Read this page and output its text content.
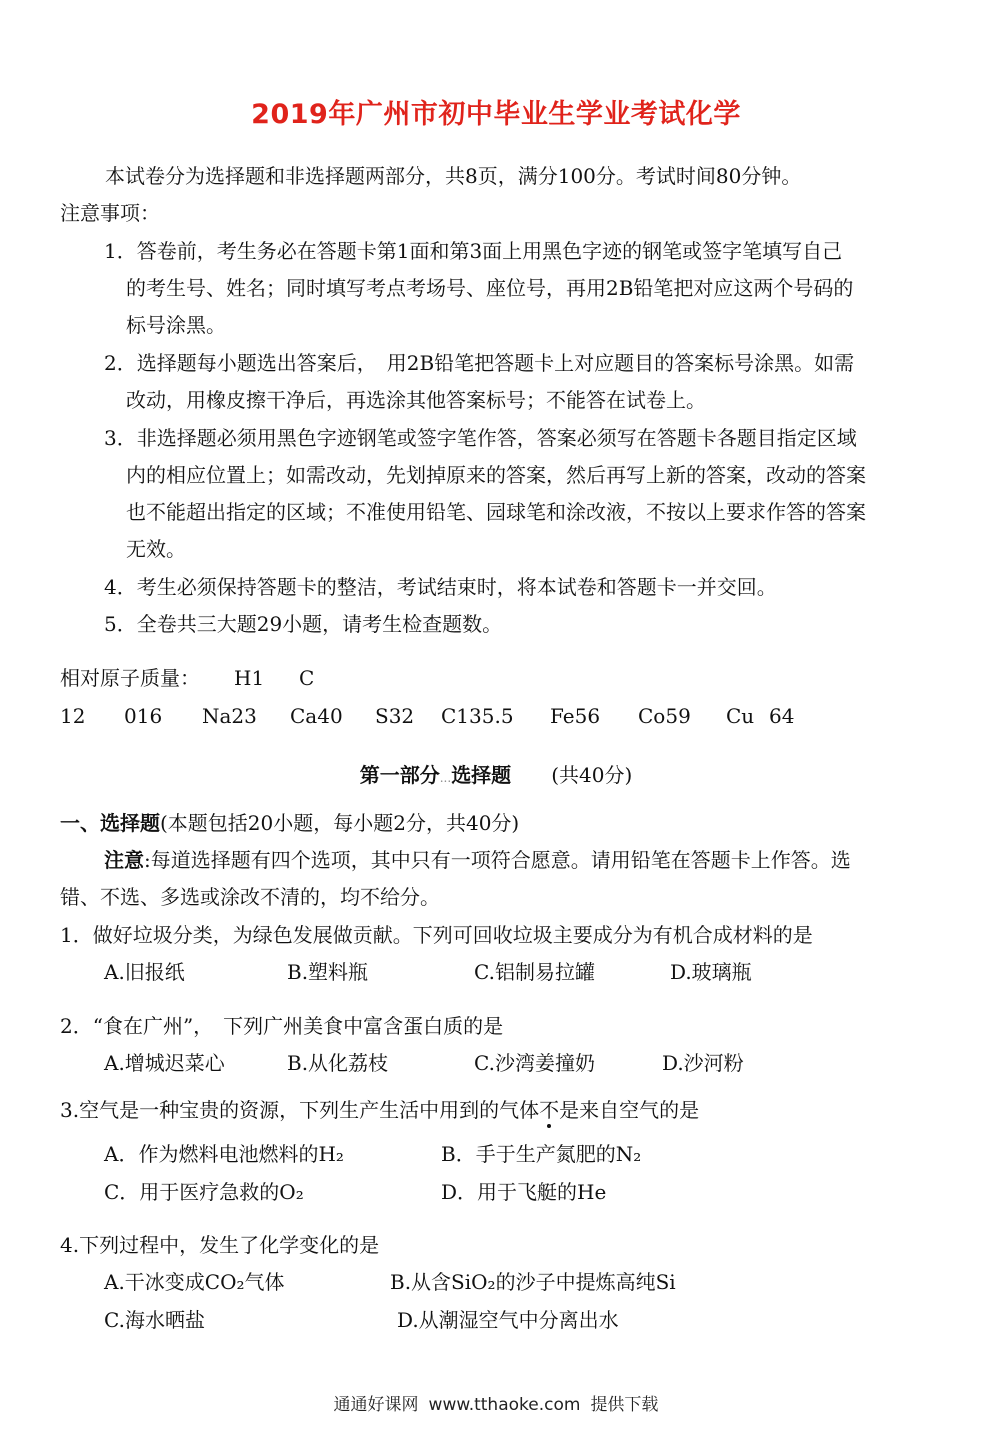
2019年广州市初中毕业生学业考试化学
本试卷分为选择题和非选择题两部分，共8页，满分100分。考试时间80分钟。
注意事项：
1．答卷前，考生务必在答题卡第1面和第3面上用黑色字迹的钢笔或签字笔填写自己
的考生号、姓名；同时填写考点考场号、座位号，再用2B铅笔把对应这两个号码的
标号涂黑。
2．选择题每小题选出答案后，　用2B铅笔把答题卡上对应题目的答案标号涂黑。如需
改动，用橡皮擦干净后，再选涂其他答案标号；不能答在试卷上。
3．非选择题必须用黑色字迹钢笔或签字笔作答，答案必须写在答题卡各题目指定区域
内的相应位置上；如需改动，先划掉原来的答案，然后再写上新的答案，改动的答案
也不能超出指定的区域；不准使用铅笔、园球笔和涂改液，不按以上要求作答的答案
无效。
4．考生必须保持答题卡的整洁，考试结束时，将本试卷和答题卡一并交回。
5．全卷共三大题29小题，请考生检查题数。
相对原子质量： H1 C
12 016 Na23 Ca40 S32 C135.5 Fe56 Co59 Cu 64
第一部分...选择题 (共40分)
一、选择题(本题包括20小题，每小题2分，共40分)
注意:每道选择题有四个选项，其中只有一项符合愿意。请用铅笔在答题卡上作答。选
错、不选、多选或涂改不清的，均不给分。
1．做好垃圾分类，为绿色发展做贡献。下列可回收垃圾主要成分为有机合成材料的是
A.旧报纸	B.塑料瓶	C.铝制易拉罐	D.玻璃瓶
2．“食在广州”，　下列广州美食中富含蛋白质的是
A.增城迟菜心	B.从化荔枝	C.沙湾姜撞奶	D.沙河粉
3.空气是一种宝贵的资源，下列生产生活中用到的气体不是来自空气的是
A．作为燃料电池燃料的H₂	B．手于生产氮肥的N₂
C．用于医疗急救的O₂	D．用于飞艇的He
4.下列过程中，发生了化学变化的是
A.干冰变成CO₂气体	B.从含SiO₂的沙子中提炼高纯Si
C.海水晒盐	D.从潮湿空气中分离出水
通通好课网 www.tthaoke.com 提供下载
